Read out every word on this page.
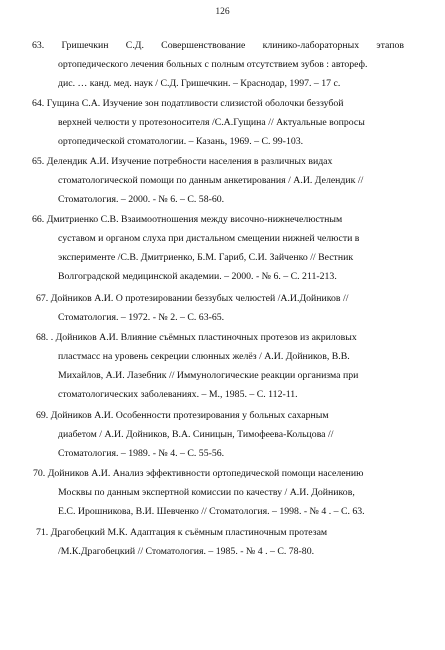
126
63. Гришечкин С.Д. Совершенствование клинико-лабораторных этапов
ортопедического лечения больных с полным отсутствием зубов : автореф.
дис. … канд. мед. наук / С.Д. Гришечкин. – Краснодар, 1997. – 17 с.
64. Гущина С.А. Изучение зон податливости слизистой оболочки беззубой
верхней челюсти у протезоносителя /С.А.Гущина // Актуальные вопросы
ортопедической стоматологии. – Казань, 1969. – С. 99-103.
65. Делендик А.И. Изучение потребности населения в различных видах
стоматологической помощи по данным анкетирования / А.И. Делендик //
Стоматология. – 2000. - № 6. – С. 58-60.
66. Дмитриенко С.В. Взаимоотношения между височно-нижнечелюстным
суставом и органом слуха при дистальном смещении нижней челюсти в
эксперименте /С.В. Дмитриенко, Б.М. Гариб, С.И. Зайченко // Вестник
Волгоградской медицинской академии. – 2000. - № 6. – С. 211-213.
67. Дойников А.И. О протезировании беззубых челюстей /А.И.Дойников //
Стоматология. – 1972. - № 2. – С. 63-65.
68. . Дойников А.И. Влияние съёмных пластиночных протезов из акриловых
пластмасс на уровень секреции слюнных желёз / А.И. Дойников, В.В.
Михайлов, А.И. Лазебник // Иммунологические реакции организма при
стоматологических заболеваниях. – М., 1985. – С. 112-11.
69. Дойников А.И. Особенности протезирования у больных сахарным
диабетом / А.И. Дойников, В.А. Синицын, Тимофеева-Кольцова //
Стоматология. – 1989. - № 4. – С. 55-56.
70. Дойников А.И. Анализ эффективности ортопедической помощи населению
Москвы по данным экспертной комиссии по качеству / А.И. Дойников,
Е.С. Ирошникова, В.И. Шевченко // Стоматология. – 1998. - № 4 . – С. 63.
71. Драгобецкий М.К. Адаптация к съёмным пластиночным протезам
/М.К.Драгобецкий // Стоматология. – 1985. - № 4 . – С. 78-80.
